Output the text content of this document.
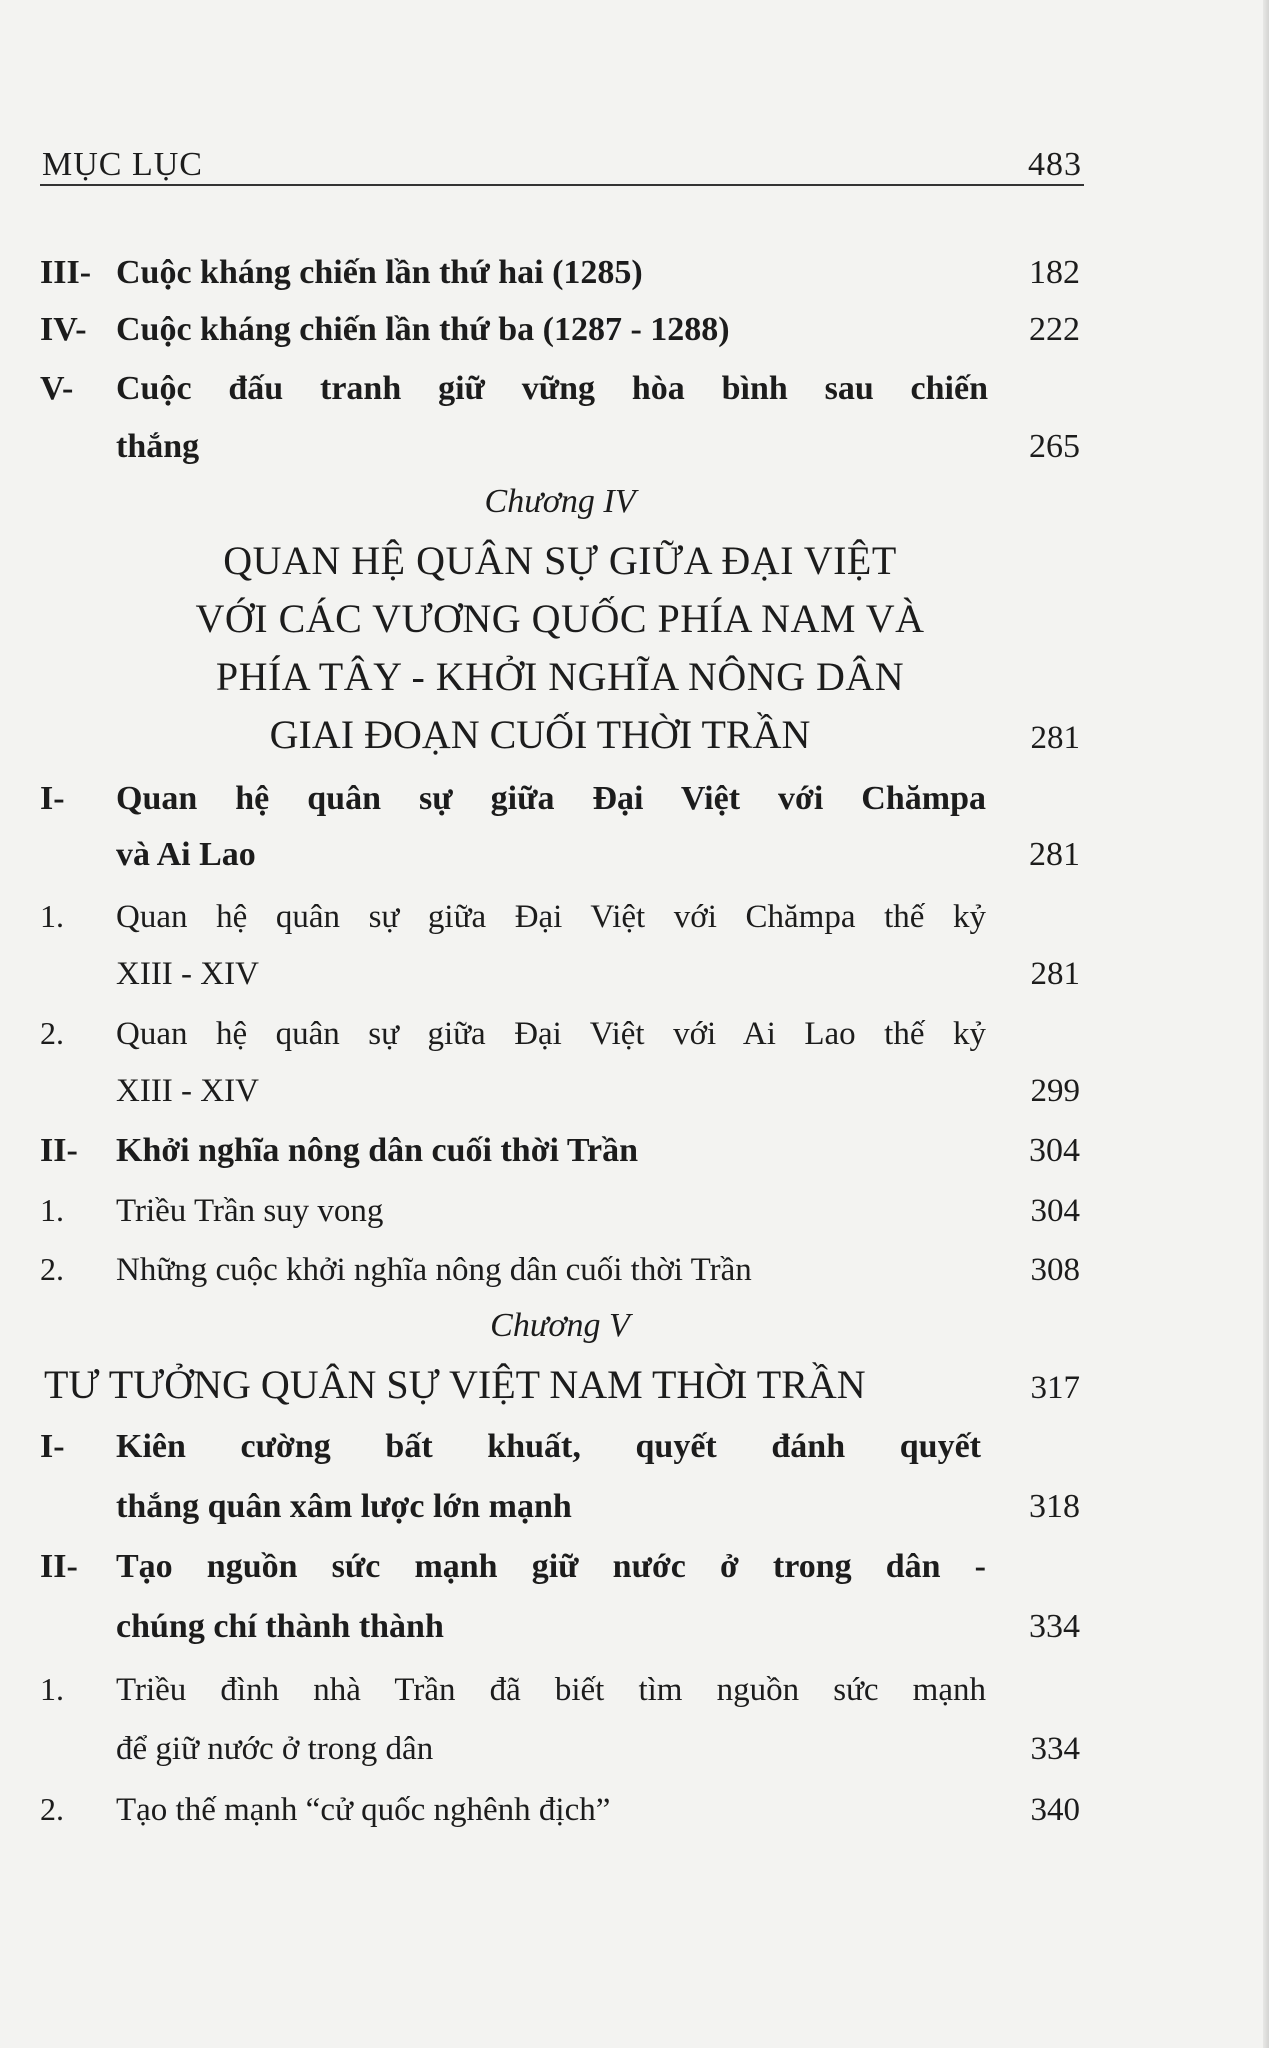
MỤC LỤC	483
III- Cuộc kháng chiến lần thứ hai (1285)	182
IV- Cuộc kháng chiến lần thứ ba (1287 - 1288)	222
V-	Cuộc đấu tranh giữ vững hòa bình sau chiến
thắng	265
Chương IV
QUAN HỆ QUÂN SỰ GIỮA ĐẠI VIỆT
VỚI CÁC VƯƠNG QUỐC PHÍA NAM VÀ
PHÍA TÂY - KHỞI NGHĨA NÔNG DÂN
GIAI ĐOẠN CUỐI THỜI TRẦN	281
I-	Quan hệ quân sự giữa Đại Việt với Chămpa
và Ai Lao	281
1.	Quan hệ quân sự giữa Đại Việt với Chămpa thế kỷ
XIII - XIV	281
2.	Quan hệ quân sự giữa Đại Việt với Ai Lao thế kỷ
XIII - XIV	299
II-	Khởi nghĩa nông dân cuối thời Trần	304
1.	Triều Trần suy vong	304
2.	Những cuộc khởi nghĩa nông dân cuối thời Trần	308
Chương V
TƯ TƯỞNG QUÂN SỰ VIỆT NAM THỜI TRẦN	317
I-	Kiên cường bất khuất, quyết đánh quyết
thắng quân xâm lược lớn mạnh	318
II-	Tạo nguồn sức mạnh giữ nước ở trong dân -
chúng chí thành thành	334
1.	Triều đình nhà Trần đã biết tìm nguồn sức mạnh
để giữ nước ở trong dân	334
2.	Tạo thế mạnh “cử quốc nghênh địch”	340
